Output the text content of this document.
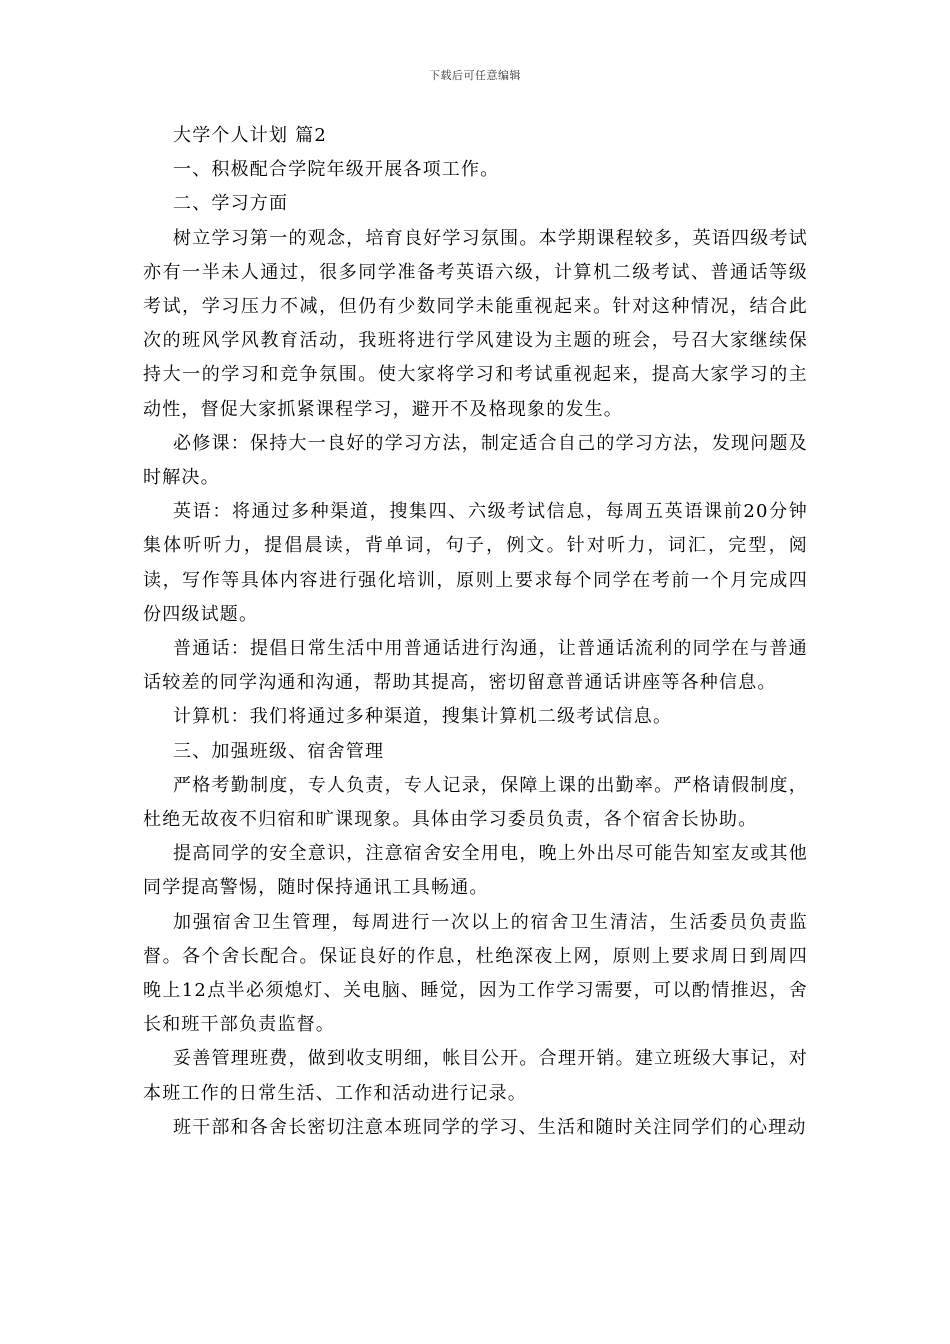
下载后可任意编辑

大学个人计划 篇2

一、积极配合学院年级开展各项工作。

二、学习方面

树立学习第一的观念，培育良好学习氛围。本学期课程较多，英语四级考试亦有一半未人通过，很多同学准备考英语六级，计算机二级考试、普通话等级考试，学习压力不减，但仍有少数同学未能重视起来。针对这种情况，结合此次的班风学风教育活动，我班将进行学风建设为主题的班会，号召大家继续保持大一的学习和竞争氛围。使大家将学习和考试重视起来，提高大家学习的主动性，督促大家抓紧课程学习，避开不及格现象的发生。

必修课：保持大一良好的学习方法，制定适合自己的学习方法，发现问题及时解决。

英语：将通过多种渠道，搜集四、六级考试信息，每周五英语课前20分钟集体听听力，提倡晨读，背单词，句子，例文。针对听力，词汇，完型，阅读，写作等具体内容进行强化培训，原则上要求每个同学在考前一个月完成四份四级试题。

普通话：提倡日常生活中用普通话进行沟通，让普通话流利的同学在与普通话较差的同学沟通和沟通，帮助其提高，密切留意普通话讲座等各种信息。

计算机：我们将通过多种渠道，搜集计算机二级考试信息。

三、加强班级、宿舍管理

严格考勤制度，专人负责，专人记录，保障上课的出勤率。严格请假制度，杜绝无故夜不归宿和旷课现象。具体由学习委员负责，各个宿舍长协助。

提高同学的安全意识，注意宿舍安全用电，晚上外出尽可能告知室友或其他同学提高警惕，随时保持通讯工具畅通。

加强宿舍卫生管理，每周进行一次以上的宿舍卫生清洁，生活委员负责监督。各个舍长配合。保证良好的作息，杜绝深夜上网，原则上要求周日到周四晚上12点半必须熄灯、关电脑、睡觉，因为工作学习需要，可以酌情推迟，舍长和班干部负责监督。

妥善管理班费，做到收支明细，帐目公开。合理开销。建立班级大事记，对本班工作的日常生活、工作和活动进行记录。

班干部和各舍长密切注意本班同学的学习、生活和随时关注同学们的心理动
